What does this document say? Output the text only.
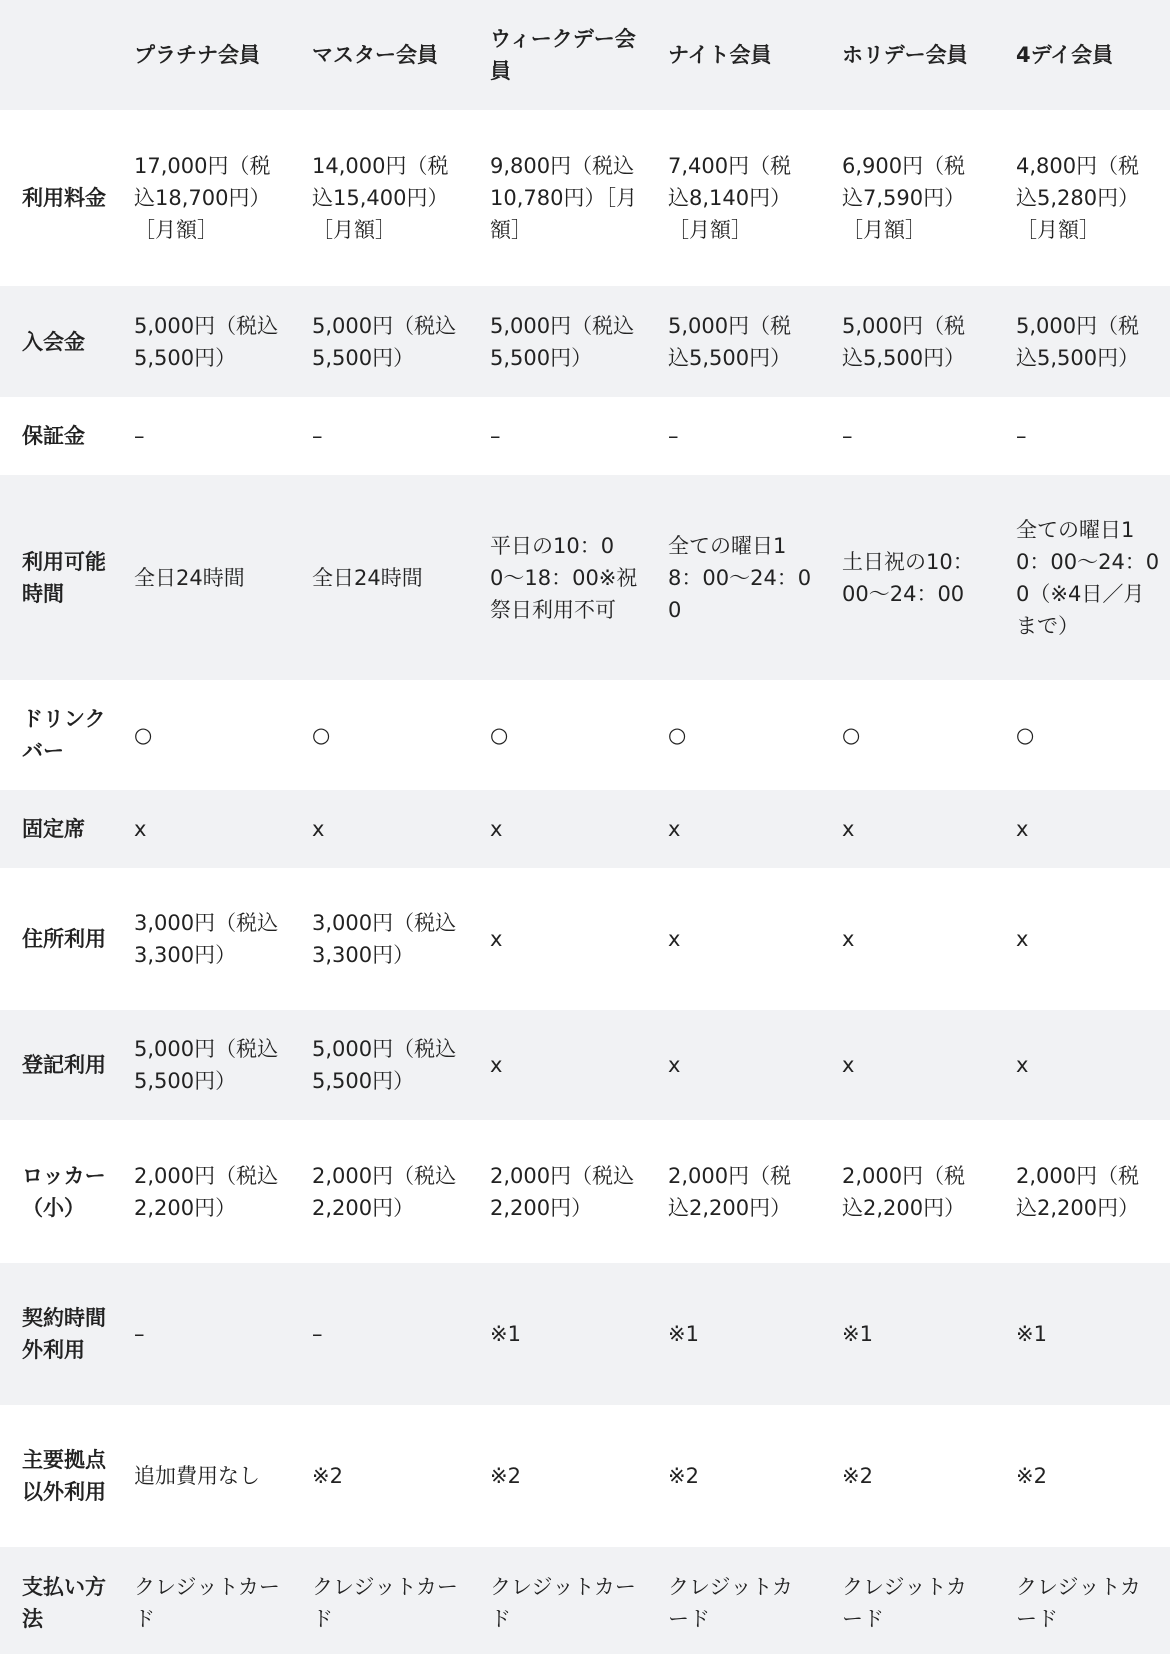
	プラチナ会員	マスター会員	ウィークデー会員	ナイト会員	ホリデー会員	4デイ会員
利用料金	17,000円（税込18,700円）［月額］	14,000円（税込15,400円）［月額］	9,800円（税込10,780円）［月額］	7,400円（税込8,140円）［月額］	6,900円（税込7,590円）［月額］	4,800円（税込5,280円）［月額］
入会金	5,000円（税込5,500円）	5,000円（税込5,500円）	5,000円（税込5,500円）	5,000円（税込5,500円）	5,000円（税込5,500円）	5,000円（税込5,500円）
保証金	–	–	–	–	–	–
利用可能時間	全日24時間	全日24時間	平日の10：00〜18：00※祝祭日利用不可	全ての曜日18：00〜24：00	土日祝の10：00〜24：00	全ての曜日10：00〜24：00（※4日／月まで）
ドリンクバー	○	○	○	○	○	○
固定席	x	x	x	x	x	x
住所利用	3,000円（税込3,300円）	3,000円（税込3,300円）	x	x	x	x
登記利用	5,000円（税込5,500円）	5,000円（税込5,500円）	x	x	x	x
ロッカー（小）	2,000円（税込2,200円）	2,000円（税込2,200円）	2,000円（税込2,200円）	2,000円（税込2,200円）	2,000円（税込2,200円）	2,000円（税込2,200円）
契約時間外利用	–	–	※1	※1	※1	※1
主要拠点以外利用	追加費用なし	※2	※2	※2	※2	※2
支払い方法	クレジットカード	クレジットカード	クレジットカード	クレジットカード	クレジットカード	クレジットカード
